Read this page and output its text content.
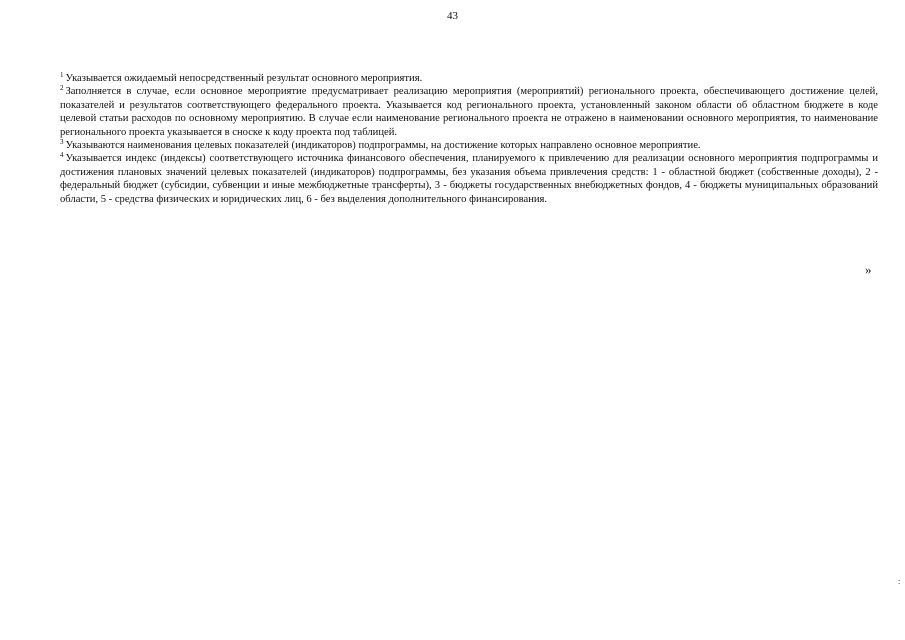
43

$^1$ Указывается ожидаемый непосредственный результат основного мероприятия.

$^2$ Заполняется в случае, если основное мероприятие предусматривает реализацию мероприятия (мероприятий) регионального проекта, обеспечивающего достижение целей, показателей и результатов соответствующего федерального проекта. Указывается код регионального проекта, установленный законом области об областном бюджете в коде целевой статьи расходов по основному мероприятию. В случае если наименование регионального проекта не отражено в наименовании основного мероприятия, то наименование регионального проекта указывается в сноске к коду проекта под таблицей.

$^3$ Указываются наименования целевых показателей (индикаторов) подпрограммы, на достижение которых направлено основное мероприятие.

$^4$ Указывается индекс (индексы) соответствующего источника финансового обеспечения, планируемого к привлечению для реализации основного мероприятия подпрограммы и достижения плановых значений целевых показателей (индикаторов) подпрограммы, без указания объема привлечения средств: 1 - областной бюджет (собственные доходы), 2 - федеральный бюджет (субсидии, субвенции и иные межбюджетные трансферты), 3 - бюджеты государственных внебюджетных фондов, 4 - бюджеты муниципальных образований области, 5 - средства физических и юридических лиц, 6 - без выделения дополнительного финансирования.

»
:
